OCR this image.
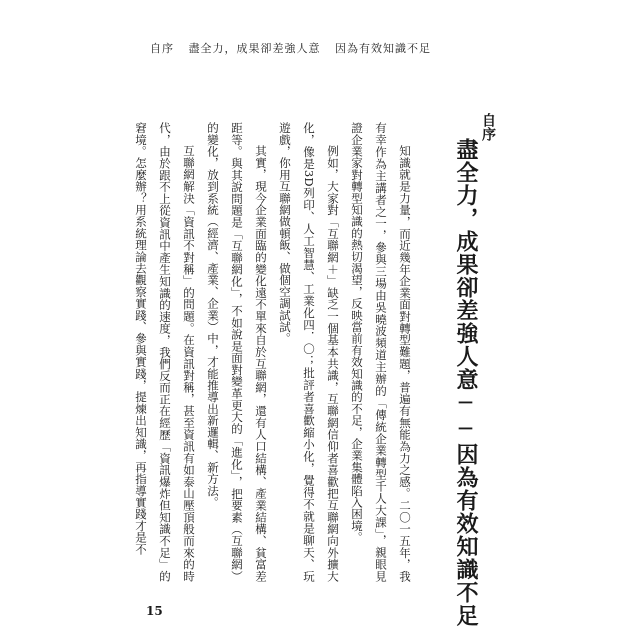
自序 盡全力，成果卻差強人意 因為有效知識不足
自序
盡全力，成果卻差強人意──因為有效知識不足

知識就是力量，而近幾年企業面對轉型難題，普遍有無能為力之感。二〇一五年，我有幸作為主講者之一，參與三場由吳曉波頻道主辦的「傳統企業轉型千人大課」，親眼見證企業家對轉型知識的熱切渴望，反映當前有效知識的不足，企業集體陷入困境。

例如，大家對「互聯網＋」缺乏一個基本共識，互聯網信仰者喜歡把互聯網向外擴大化，像是3D列印、人工智慧、工業化四．〇；批評者喜歡縮小化，覺得不就是聊天、玩遊戲，你用互聯網做頓飯、做個空調試試。

其實，現今企業面臨的變化遠不單來自於互聯網，還有人口結構、產業結構、貧富差距等。與其說問題是「互聯網化」，不如說是面對變革更大的「進化」，把要素（互聯網）的變化，放到系統（經濟、產業、企業）中，才能推導出新邏輯、新方法。

互聯網解決「資訊不對稱」的問題。在資訊對稱，甚至資訊有如泰山壓頂般而來的時代，由於跟不上從資訊中產生知識的速度，我們反而正在經歷「資訊爆炸但知識不足」的窘境。怎麼辦？用系統理論去觀察實踐、參與實踐，提煉出知識，再指導實踐才是不

15
